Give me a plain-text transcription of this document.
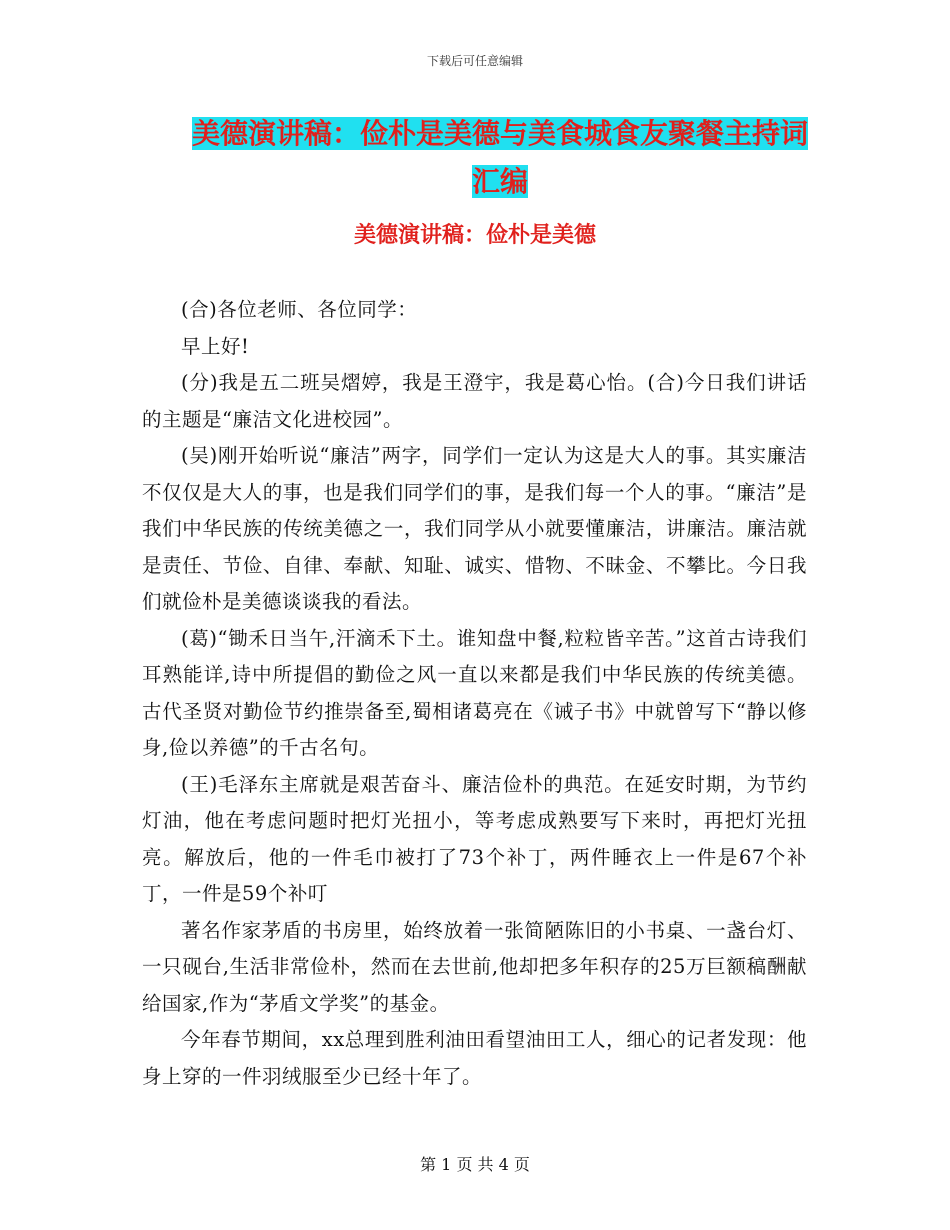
下载后可任意编辑
美德演讲稿：俭朴是美德与美食城食友聚餐主持词汇编
美德演讲稿：俭朴是美德

(合)各位老师、各位同学：

早上好!

(分)我是五二班吴熠婷，我是王澄宇，我是葛心怡。(合)今日我们讲话的主题是“廉洁文化进校园”。

(吴)刚开始听说“廉洁”两字，同学们一定认为这是大人的事。其实廉洁不仅仅是大人的事，也是我们同学们的事，是我们每一个人的事。“廉洁”是我们中华民族的传统美德之一，我们同学从小就要懂廉洁，讲廉洁。廉洁就是责任、节俭、自律、奉献、知耻、诚实、惜物、不昧金、不攀比。今日我们就俭朴是美德谈谈我的看法。

(葛)“锄禾日当午,汗滴禾下土。谁知盘中餐,粒粒皆辛苦。”这首古诗我们耳熟能详,诗中所提倡的勤俭之风一直以来都是我们中华民族的传统美德。古代圣贤对勤俭节约推崇备至,蜀相诸葛亮在《诫子书》中就曾写下“静以修身,俭以养德”的千古名句。

(王)毛泽东主席就是艰苦奋斗、廉洁俭朴的典范。在延安时期，为节约灯油，他在考虑问题时把灯光扭小，等考虑成熟要写下来时，再把灯光扭亮。解放后，他的一件毛巾被打了73个补丁，两件睡衣上一件是67个补丁，一件是59个补叮

著名作家茅盾的书房里，始终放着一张简陋陈旧的小书桌、一盏台灯、一只砚台,生活非常俭朴，然而在去世前,他却把多年积存的25万巨额稿酬献给国家,作为“茅盾文学奖”的基金。

今年春节期间，xx总理到胜利油田看望油田工人，细心的记者发现：他身上穿的一件羽绒服至少已经十年了。

第 1 页 共 4 页
